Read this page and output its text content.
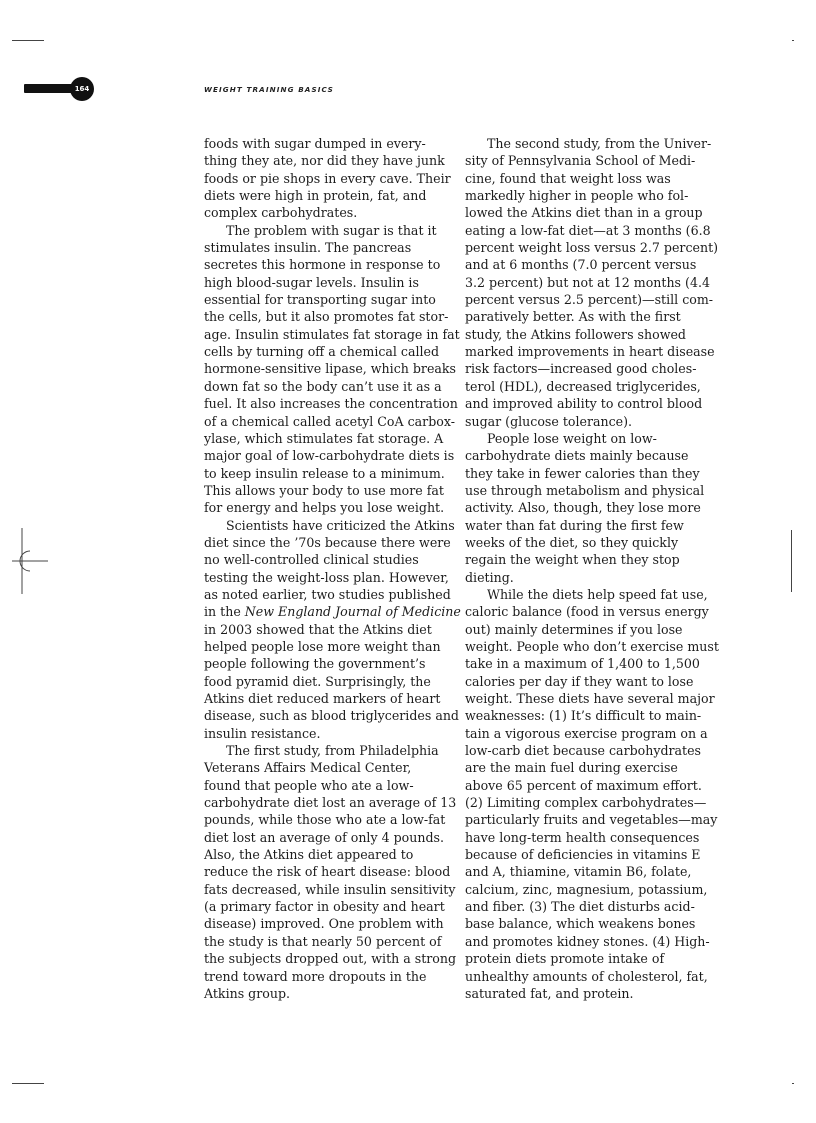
164	WEIGHT TRAINING BASICS

foods with sugar dumped in every-
thing they ate, nor did they have junk
foods or pie shops in every cave. Their
diets were high in protein, fat, and
complex carbohydrates.

The problem with sugar is that it
stimulates insulin. The pancreas
secretes this hormone in response to
high blood-sugar levels. Insulin is
essential for transporting sugar into
the cells, but it also promotes fat stor-
age. Insulin stimulates fat storage in fat
cells by turning off a chemical called
hormone-sensitive lipase, which breaks
down fat so the body can’t use it as a
fuel. It also increases the concentration
of a chemical called acetyl CoA carbox-
ylase, which stimulates fat storage. A
major goal of low-carbohydrate diets is
to keep insulin release to a minimum.
This allows your body to use more fat
for energy and helps you lose weight.

Scientists have criticized the Atkins
diet since the ’70s because there were
no well-controlled clinical studies
testing the weight-loss plan. However,
as noted earlier, two studies published

in the New England Journal of Medicine
in 2003 showed that the Atkins diet
helped people lose more weight than
people following the government’s
food pyramid diet. Surprisingly, the
Atkins diet reduced markers of heart
disease, such as blood triglycerides and
insulin resistance.

The first study, from Philadelphia
Veterans Affairs Medical Center,
found that people who ate a low-
carbohydrate diet lost an average of 13
pounds, while those who ate a low-fat
diet lost an average of only 4 pounds.
Also, the Atkins diet appeared to
reduce the risk of heart disease: blood
fats decreased, while insulin sensitivity
(a primary factor in obesity and heart
disease) improved. One problem with
the study is that nearly 50 percent of
the subjects dropped out, with a strong
trend toward more dropouts in the
Atkins group.

The second study, from the Univer-
sity of Pennsylvania School of Medi-
cine, found that weight loss was
markedly higher in people who fol-
lowed the Atkins diet than in a group
eating a low-fat diet—at 3 months (6.8
percent weight loss versus 2.7 percent)
and at 6 months (7.0 percent versus
3.2 percent) but not at 12 months (4.4
percent versus 2.5 percent)—still com-
paratively better. As with the first
study, the Atkins followers showed
marked improvements in heart disease
risk factors—increased good choles-
terol (HDL), decreased triglycerides,
and improved ability to control blood
sugar (glucose tolerance).

People lose weight on low-
carbohydrate diets mainly because
they take in fewer calories than they
use through metabolism and physical
activity. Also, though, they lose more
water than fat during the first few
weeks of the diet, so they quickly
regain the weight when they stop
dieting.

While the diets help speed fat use,
caloric balance (food in versus energy
out) mainly determines if you lose
weight. People who don’t exercise must
take in a maximum of 1,400 to 1,500
calories per day if they want to lose
weight. These diets have several major
weaknesses: (1) It’s difficult to main-
tain a vigorous exercise program on a
low-carb diet because carbohydrates
are the main fuel during exercise
above 65 percent of maximum effort.
(2) Limiting complex carbohydrates—
particularly fruits and vegetables—may
have long-term health consequences
because of deficiencies in vitamins E
and A, thiamine, vitamin B6, folate,
calcium, zinc, magnesium, potassium,
and fiber. (3) The diet disturbs acid-
base balance, which weakens bones
and promotes kidney stones. (4) High-
protein diets promote intake of
unhealthy amounts of cholesterol, fat,
saturated fat, and protein.
